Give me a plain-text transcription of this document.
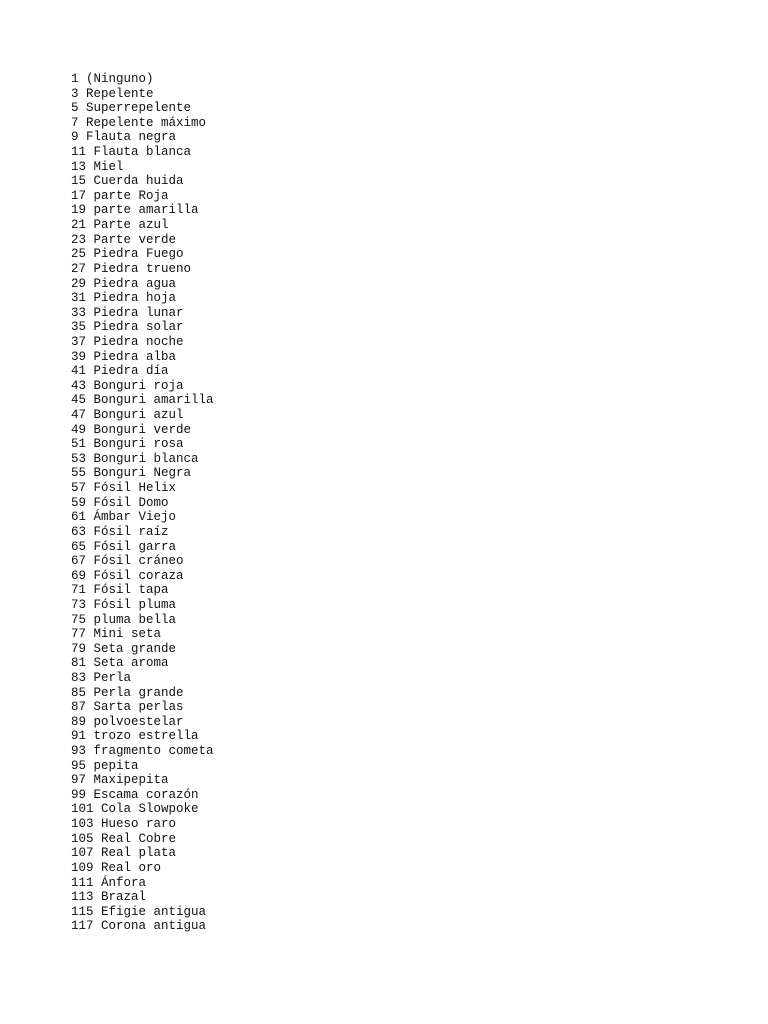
1 (Ninguno)
3 Repelente
5 Superrepelente
7 Repelente máximo
9 Flauta negra
11 Flauta blanca
13 Miel
15 Cuerda huida
17 parte Roja
19 parte amarilla
21 Parte azul
23 Parte verde
25 Piedra Fuego
27 Piedra trueno
29 Piedra agua
31 Piedra hoja
33 Piedra lunar
35 Piedra solar
37 Piedra noche
39 Piedra alba
41 Piedra día
43 Bonguri roja
45 Bonguri amarilla
47 Bonguri azul
49 Bonguri verde
51 Bonguri rosa
53 Bonguri blanca
55 Bonguri Negra
57 Fósil Helix
59 Fósil Domo
61 Ámbar Viejo
63 Fósil raíz
65 Fósil garra
67 Fósil cráneo
69 Fósil coraza
71 Fósil tapa
73 Fósil pluma
75 pluma bella
77 Mini seta
79 Seta grande
81 Seta aroma
83 Perla
85 Perla grande
87 Sarta perlas
89 polvoestelar
91 trozo estrella
93 fragmento cometa
95 pepita
97 Maxipepita
99 Escama corazón
101 Cola Slowpoke
103 Hueso raro
105 Real Cobre
107 Real plata
109 Real oro
111 Ánfora
113 Brazal
115 Efigie antigua
117 Corona antigua
